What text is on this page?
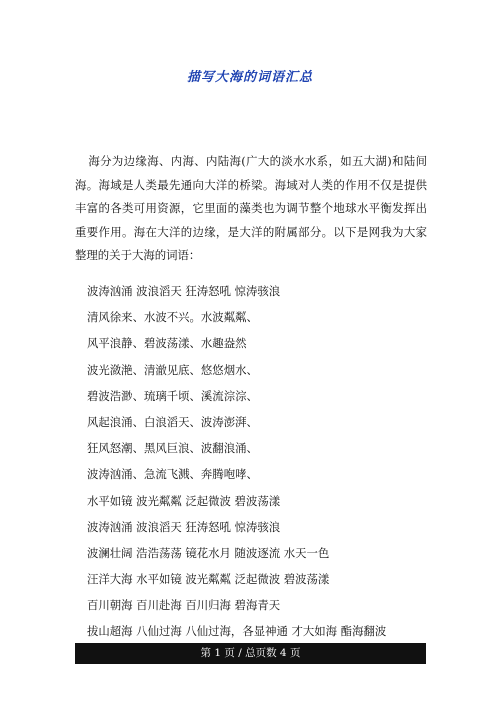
描写大海的词语汇总
海分为边缘海、内海、内陆海(广大的淡水水系，如五大湖)和陆间海。海域是人类最先通向大洋的桥梁。海域对人类的作用不仅是提供丰富的各类可用资源，它里面的藻类也为调节整个地球水平衡发挥出重要作用。海在大洋的边缘，是大洋的附属部分。以下是网我为大家整理的关于大海的词语：
波涛汹涌 波浪滔天 狂涛怒吼 惊涛骇浪
清风徐来、水波不兴。水波粼粼、
风平浪静、碧波荡漾、水趣盎然
波光潋滟、清澈见底、悠悠烟水、
碧波浩渺、琉璃千顷、溪流淙淙、
风起浪涌、白浪滔天、波涛澎湃、
狂风怒潮、黑风巨浪、波翻浪涌、
波涛汹涌、急流飞溅、奔腾咆哮、
水平如镜 波光粼粼 泛起微波 碧波荡漾
波涛汹涌 波浪滔天 狂涛怒吼 惊涛骇浪
波澜壮阔 浩浩荡荡 镜花水月 随波逐流 水天一色
汪洋大海 水平如镜 波光粼粼 泛起微波 碧波荡漾
百川朝海 百川赴海 百川归海 碧海青天
拔山超海 八仙过海 八仙过海，各显神通 才大如海 酯海翻波
第 1 页 / 总页数 4 页
